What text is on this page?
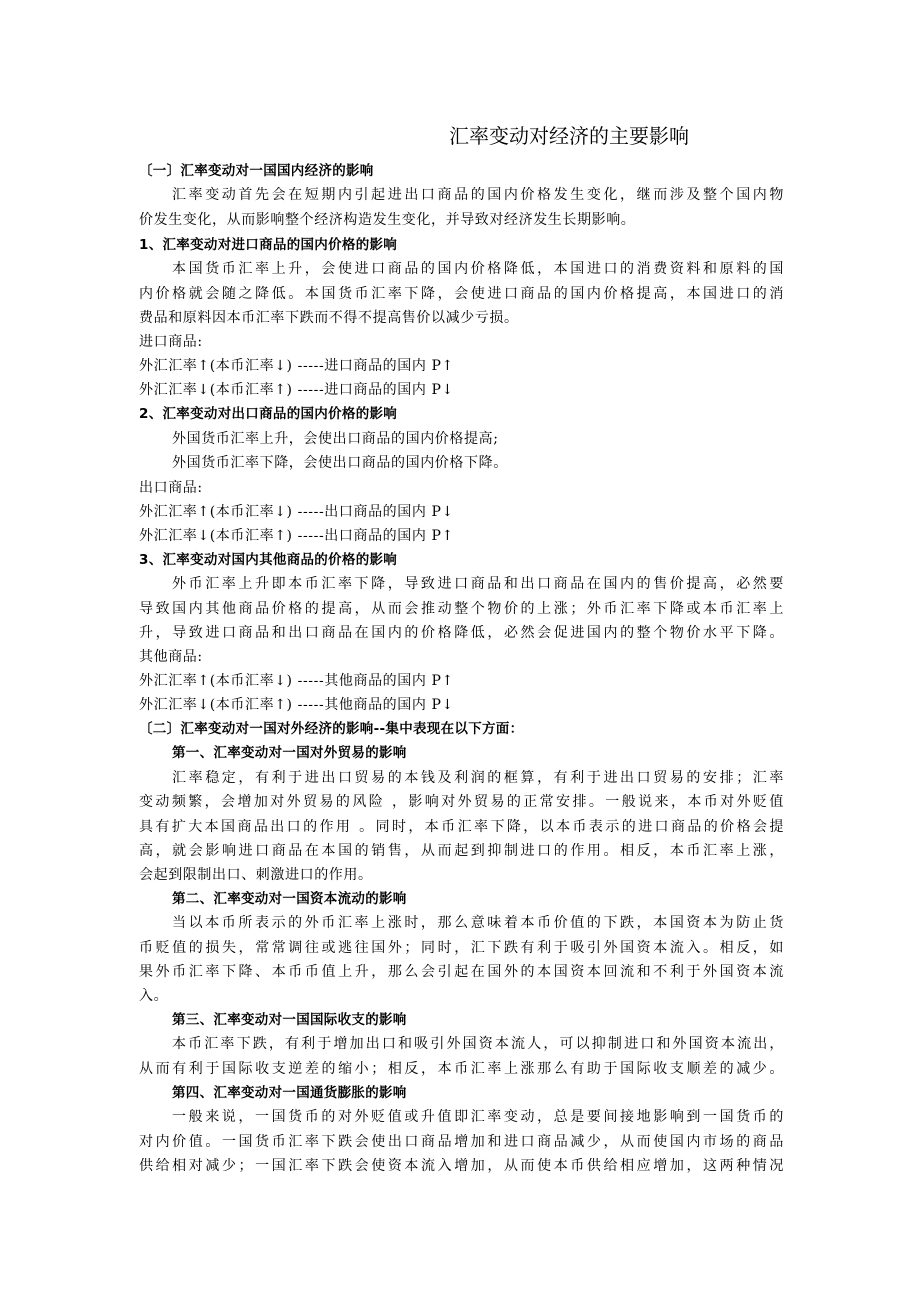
汇率变动对经济的主要影响
〔一〕汇率变动对一国国内经济的影响
汇率变动首先会在短期内引起进出口商品的国内价格发生变化，继而涉及整个国内物
价发生变化，从而影响整个经济构造发生变化，并导致对经济发生长期影响。
1、汇率变动对进口商品的国内价格的影响
本国货币汇率上升，会使进口商品的国内价格降低，本国进口的消费资料和原料的国
内价格就会随之降低。本国货币汇率下降，会使进口商品的国内价格提高，本国进口的消
费品和原料因本币汇率下跌而不得不提高售价以减少亏损。
进口商品:
外汇汇率↑(本币汇率↓) -----进口商品的国内 P↑
外汇汇率↓(本币汇率↑) -----进口商品的国内 P↓
2、汇率变动对出口商品的国内价格的影响
外国货币汇率上升，会使出口商品的国内价格提高;
外国货币汇率下降，会使出口商品的国内价格下降。
出口商品:
外汇汇率↑(本币汇率↓) -----出口商品的国内 P↓
外汇汇率↓(本币汇率↑) -----出口商品的国内 P↑
3、汇率变动对国内其他商品的价格的影响
外币汇率上升即本币汇率下降，导致进口商品和出口商品在国内的售价提高，必然要
导致国内其他商品价格的提高，从而会推动整个物价的上涨；外币汇率下降或本币汇率上
升，导致进口商品和出口商品在国内的价格降低，必然会促进国内的整个物价水平下降。
其他商品:
外汇汇率↑(本币汇率↓) -----其他商品的国内 P↑
外汇汇率↓(本币汇率↑) -----其他商品的国内 P↓
〔二〕汇率变动对一国对外经济的影响--集中表现在以下方面：
第一、汇率变动对一国对外贸易的影响
汇率稳定，有利于进出口贸易的本钱及利润的框算，有利于进出口贸易的安排；汇率
变动频繁，会增加对外贸易的风险 ，影响对外贸易的正常安排。一般说来，本币对外贬值
具有扩大本国商品出口的作用 。同时，本币汇率下降，以本币表示的进口商品的价格会提
高，就会影响进口商品在本国的销售，从而起到抑制进口的作用。相反，本币汇率上涨，
会起到限制出口、刺激进口的作用。
第二、汇率变动对一国资本流动的影响
当以本币所表示的外币汇率上涨时，那么意味着本币价值的下跌，本国资本为防止货
币贬值的损失，常常调往或逃往国外；同时，汇下跌有利于吸引外国资本流入。相反，如
果外币汇率下降、本币币值上升，那么会引起在国外的本国资本回流和不利于外国资本流
入。
第三、汇率变动对一国国际收支的影响
本币汇率下跌，有利于增加出口和吸引外国资本流人，可以抑制进口和外国资本流出，
从而有利于国际收支逆差的缩小；相反，本币汇率上涨那么有助于国际收支顺差的减少。
第四、汇率变动对一国通货膨胀的影响
一般来说，一国货币的对外贬值或升值即汇率变动，总是要间接地影响到一国货币的
对内价值。一国货币汇率下跌会使出口商品增加和进口商品减少，从而使国内市场的商品
供给相对减少；一国汇率下跌会使资本流入增加，从而使本币供给相应增加，这两种情况
